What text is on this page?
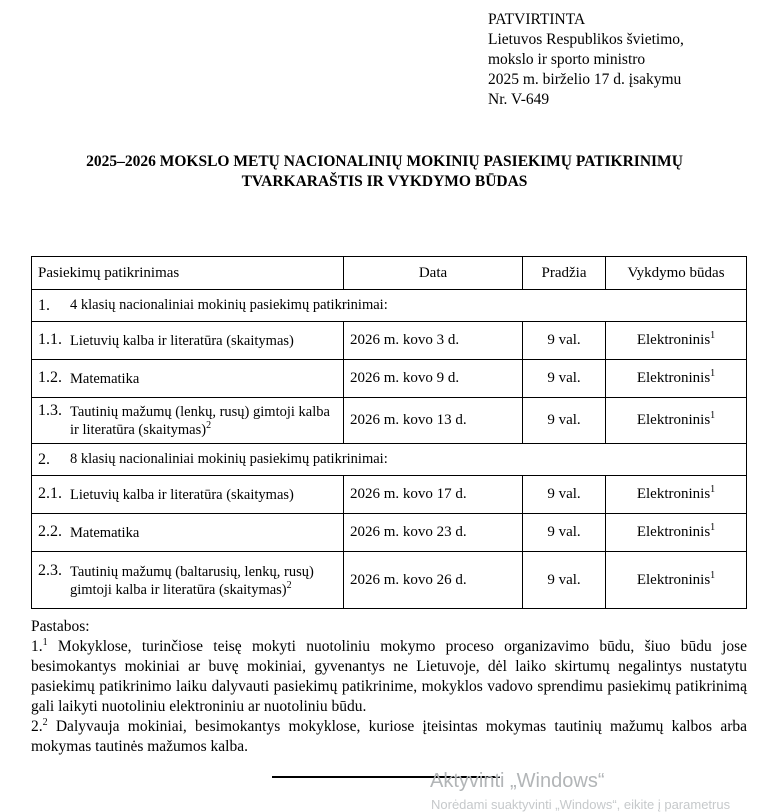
PATVIRTINTA
Lietuvos Respublikos švietimo,
mokslo ir sporto ministro
2025 m. birželio 17 d. įsakymu
Nr. V-649
2025–2026 MOKSLO METŲ NACIONALINIŲ MOKINIŲ PASIEKIMŲ PATIKRINIMŲ
TVARKARAŠTIS IR VYKDYMO BŪDAS
Pasiekimų patikrinimas	Data	Pradžia	Vykdymo būdas

1. 4 klasių nacionaliniai mokinių pasiekimų patikrinimai:			

1.1. Lietuvių kalba ir literatūra (skaitymas)	2026 m. kovo 3 d.	9 val.	Elektroninis$^1$

1.2. Matematika	2026 m. kovo 9 d.	9 val.	Elektroninis$^1$

1.3. Tautinių mažumų (lenkų, rusų) gimtoji kalba ir literatūra (skaitymas)$^2$	2026 m. kovo 13 d.	9 val.	Elektroninis$^1$

2. 8 klasių nacionaliniai mokinių pasiekimų patikrinimai:			

2.1. Lietuvių kalba ir literatūra (skaitymas)	2026 m. kovo 17 d.	9 val.	Elektroninis$^1$

2.2. Matematika	2026 m. kovo 23 d.	9 val.	Elektroninis$^1$

2.3. Tautinių mažumų (baltarusių, lenkų, rusų) gimtoji kalba ir literatūra (skaitymas)$^2$	2026 m. kovo 26 d.	9 val.	Elektroninis$^1$

Pastabos:

1.$^1$ Mokyklose, turinčiose teisę mokyti nuotoliniu mokymo proceso organizavimo būdu, šiuo būdu jose besimokantys mokiniai ar buvę mokiniai, gyvenantys ne Lietuvoje, dėl laiko skirtumų negalintys nustatytu pasiekimų patikrinimo laiku dalyvauti pasiekimų patikrinime, mokyklos vadovo sprendimu pasiekimų patikrinimą gali laikyti nuotoliniu elektroniniu ar nuotoliniu būdu.

2.$^2$ Dalyvauja mokiniai, besimokantys mokyklose, kuriose įteisintas mokymas tautinių mažumų kalbos arba mokymas tautinės mažumos kalba.

Aktyvinti „Windows“
Norėdami suaktyvinti „Windows“, eikite į parametrus
